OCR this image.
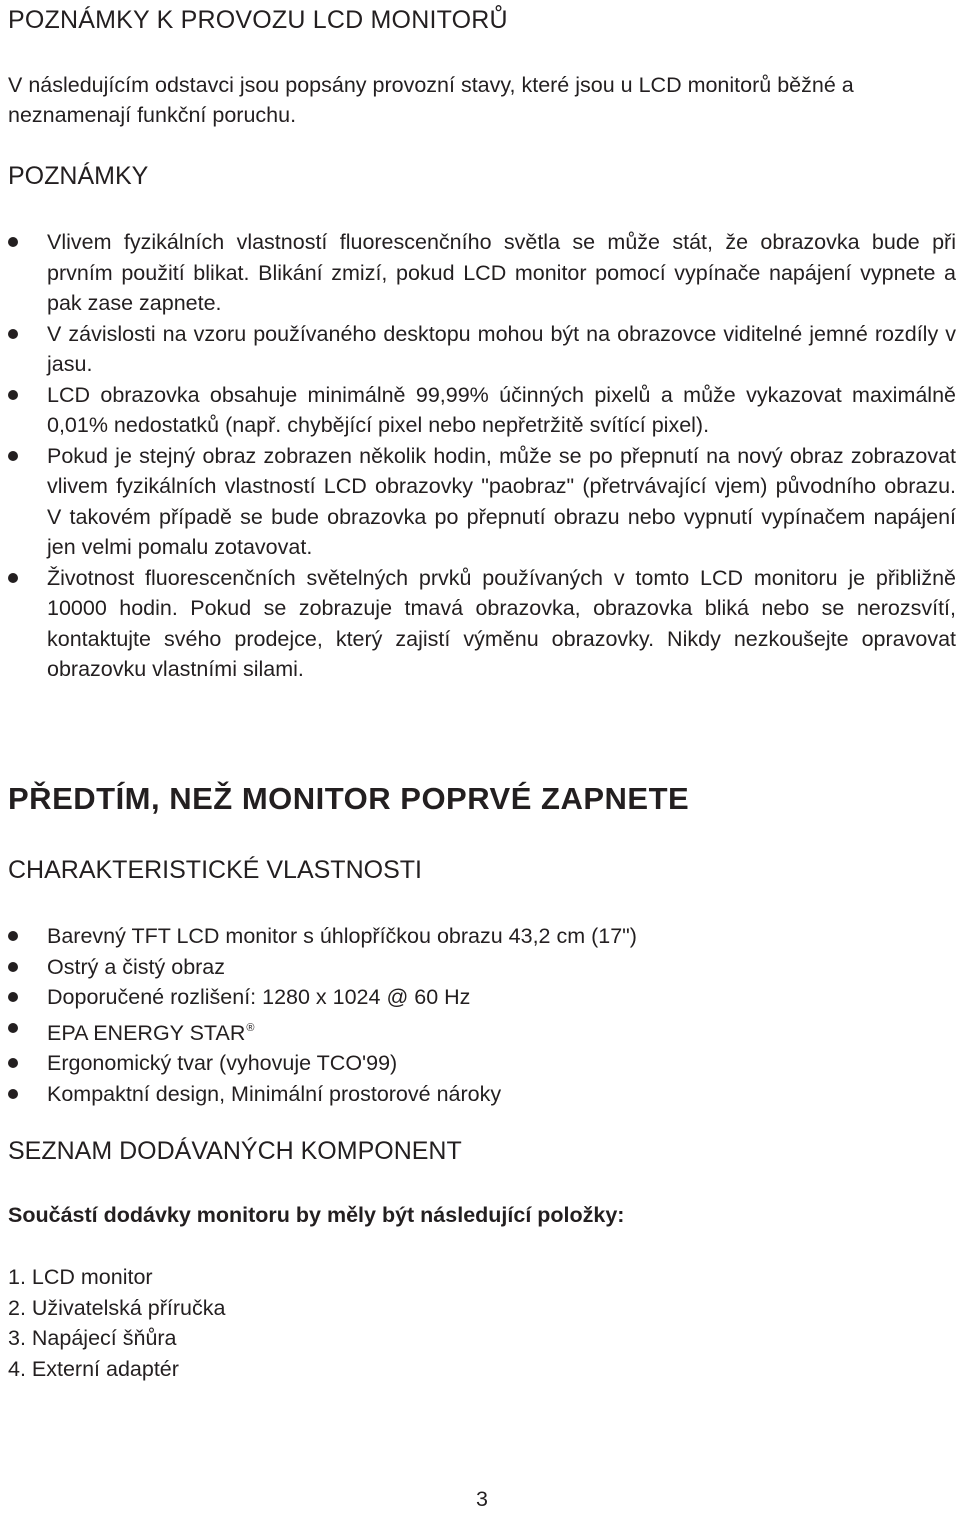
POZNÁMKY K PROVOZU LCD MONITORŮ

V následujícím odstavci jsou popsány provozní stavy, které jsou u LCD monitorů běžné a neznamenají funkční poruchu.

POZNÁMKY
Vlivem fyzikálních vlastností fluorescenčního světla se může stát, že obrazovka bude při prvním použití blikat. Blikání zmizí, pokud LCD monitor pomocí vypínače napájení vypnete a pak zase zapnete.
V závislosti na vzoru používaného desktopu mohou být na obrazovce viditelné jemné rozdíly v jasu.
LCD obrazovka obsahuje minimálně 99,99% účinných pixelů a může vykazovat maximálně 0,01% nedostatků (např. chybějící pixel nebo nepřetržitě svítící pixel).
Pokud je stejný obraz zobrazen několik hodin, může se po přepnutí na nový obraz zobrazovat vlivem fyzikálních vlastností LCD obrazovky "paobraz" (přetrvávající vjem) původního obrazu. V takovém případě se bude obrazovka po přepnutí obrazu nebo vypnutí vypínačem napájení jen velmi pomalu zotavovat.
Životnost fluorescenčních světelných prvků používaných v tomto LCD monitoru je přibližně 10000 hodin. Pokud se zobrazuje tmavá obrazovka, obrazovka bliká nebo se nerozsvítí, kontaktujte svého prodejce, který zajistí výměnu obrazovky. Nikdy nezkoušejte opravovat obrazovku vlastními silami.
PŘEDTÍM, NEŽ MONITOR POPRVÉ ZAPNETE
CHARAKTERISTICKÉ VLASTNOSTI
Barevný TFT LCD monitor s úhlopříčkou obrazu 43,2 cm (17")
Ostrý a čistý obraz
Doporučené rozlišení: 1280 x 1024 @ 60 Hz
EPA ENERGY STAR®
Ergonomický tvar (vyhovuje TCO'99)
Kompaktní design, Minimální prostorové nároky
SEZNAM DODÁVANÝCH KOMPONENT

Součástí dodávky monitoru by měly být následující položky:

1. LCD monitor
2. Uživatelská příručka
3. Napájecí šňůra
4. Externí adaptér
3
